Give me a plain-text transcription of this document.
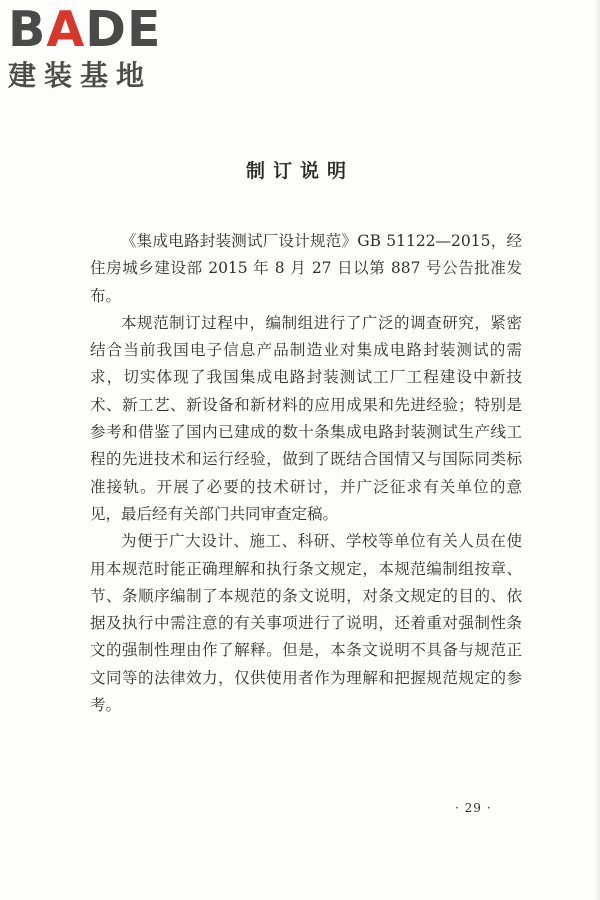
BADE
建装基地
制订说明

《集成电路封装测试厂设计规范》GB 51122—2015，经住房城乡建设部 2015 年 8 月 27 日以第 887 号公告批准发布。

本规范制订过程中，编制组进行了广泛的调查研究，紧密结合当前我国电子信息产品制造业对集成电路封装测试的需求，切实体现了我国集成电路封装测试工厂工程建设中新技术、新工艺、新设备和新材料的应用成果和先进经验；特别是参考和借鉴了国内已建成的数十条集成电路封装测试生产线工程的先进技术和运行经验，做到了既结合国情又与国际同类标准接轨。开展了必要的技术研讨，并广泛征求有关单位的意见，最后经有关部门共同审查定稿。

为便于广大设计、施工、科研、学校等单位有关人员在使用本规范时能正确理解和执行条文规定，本规范编制组按章、节、条顺序编制了本规范的条文说明，对条文规定的目的、依据及执行中需注意的有关事项进行了说明，还着重对强制性条文的强制性理由作了解释。但是，本条文说明不具备与规范正文同等的法律效力，仅供使用者作为理解和把握规范规定的参考。

· 29 ·
